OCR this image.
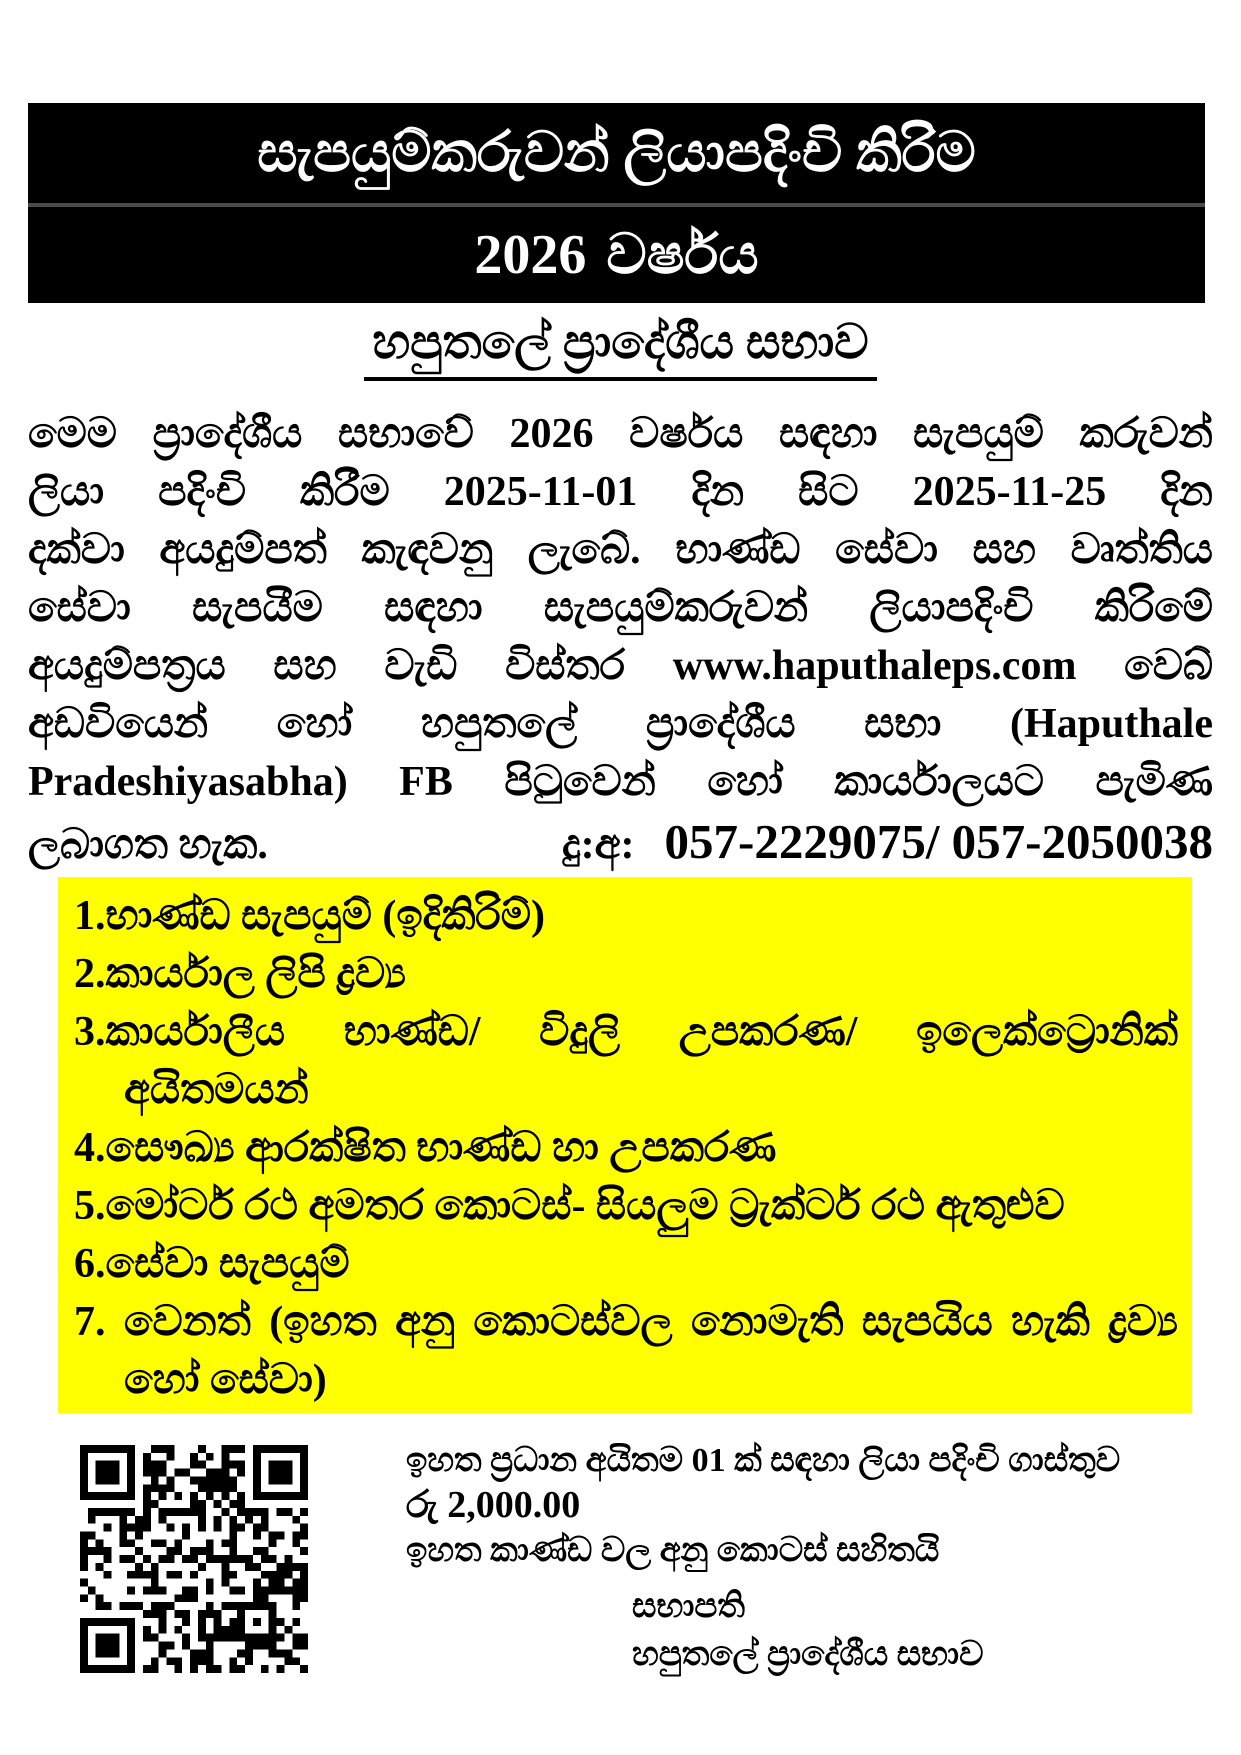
සැපයුම්කරුවන් ලියාපදිංචි කිරිම
2026 වර්ෂය
හපුතලේ ප්‍රාදේශීය සභාව
මෙම ප්‍රාදේශීය සභාවේ 2026 වර්ෂය සඳහා සැපයුම් කරුවන්
ලියා පදිංචි කිරීම 2025-11-01 දින සිට 2025-11-25 දින
දක්වා අයදුම්පත් කැඳවනු ලැබේ. භාණ්ඩ සේවා සහ වෘත්තිය
සේවා සැපයීම සඳහා සැපයුම්කරුවන් ලියාපදිංචි කිරිමේ
අයදුම්පත්‍රය සහ වැඩි විස්තර www.haputhaleps.com වෙබ්
අඩවියෙන් හෝ හපුතලේ ප්‍රාදේශීය සභා (Haputhale
Pradeshiyasabha) FB පිටුවෙන් හෝ කාර්යාලයට පැමිණ
ලබාගත හැක.	දු:අ: 057-2229075/ 057-2050038
1.භාණ්ඩ සැපයුම් (ඉදිකිරිම්)
2.කාර්යාල ලිපි ද්‍රව්‍ය
3.කාර්යාලීය භාණ්ඩ/ විදුලි උපකරණ/ ඉලෙක්ට්‍රොනික් අයිතමයන්
4.සෞඛ්‍ය ආරක්ෂිත භාණ්ඩ හා උපකරණ
5.මෝටර් රථ අමතර කොටස්- සියලුම ට්‍රැක්ටර් රථ ඇතුළුව
6.සේවා සැපයුම්
7. වෙනත් (ඉහත අනු කොටස්වල නොමැති සැපයිය හැකි ද්‍රව්‍ය හෝ සේවා)
ඉහත ප්‍රධාන අයිතම 01 ක් සඳහා ලියා පදිංචි ගාස්තුව
රු 2,000.00
ඉහත කාණ්ඩ වල අනු කොටස් සහිතයි
සභාපති
හපුතලේ ප්‍රාදේශීය සභාව
